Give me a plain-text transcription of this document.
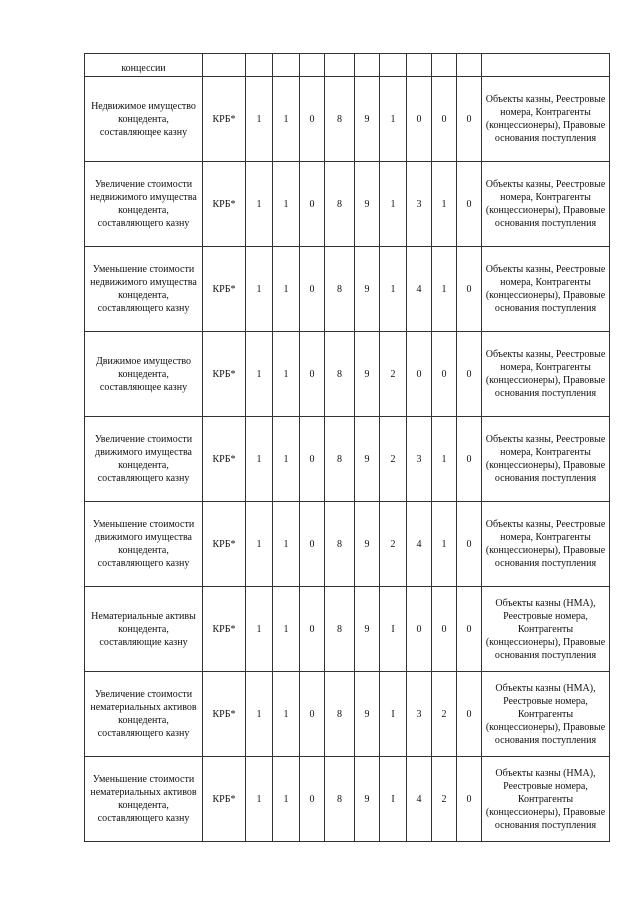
концессии											
Недвижимое имущество концедента, составляющее казну	КРБ*	1	1	0	8	9	1	0	0	0	Объекты казны, Реестровые номера, Контрагенты (концессионеры), Правовые основания поступления
Увеличение стоимости недвижимого имущества концедента, составляющего казну	КРБ*	1	1	0	8	9	1	3	1	0	Объекты казны, Реестровые номера, Контрагенты (концессионеры), Правовые основания поступления
Уменьшение стоимости недвижимого имущества концедента, составляющего казну	КРБ*	1	1	0	8	9	1	4	1	0	Объекты казны, Реестровые номера, Контрагенты (концессионеры), Правовые основания поступления
Движимое имущество концедента, составляющее казну	КРБ*	1	1	0	8	9	2	0	0	0	Объекты казны, Реестровые номера, Контрагенты (концессионеры), Правовые основания поступления
Увеличение стоимости движимого имущества концедента, составляющего казну	КРБ*	1	1	0	8	9	2	3	1	0	Объекты казны, Реестровые номера, Контрагенты (концессионеры), Правовые основания поступления
Уменьшение стоимости движимого имущества концедента, составляющего казну	КРБ*	1	1	0	8	9	2	4	1	0	Объекты казны, Реестровые номера, Контрагенты (концессионеры), Правовые основания поступления
Нематериальные активы концедента, составляющие казну	КРБ*	1	1	0	8	9	I	0	0	0	Объекты казны (НМА), Реестровые номера, Контрагенты (концессионеры), Правовые основания поступления
Увеличение стоимости нематериальных активов концедента, составляющего казну	КРБ*	1	1	0	8	9	I	3	2	0	Объекты казны (НМА), Реестровые номера, Контрагенты (концессионеры), Правовые основания поступления
Уменьшение стоимости нематериальных активов концедента, составляющего казну	КРБ*	1	1	0	8	9	I	4	2	0	Объекты казны (НМА), Реестровые номера, Контрагенты (концессионеры), Правовые основания поступления
